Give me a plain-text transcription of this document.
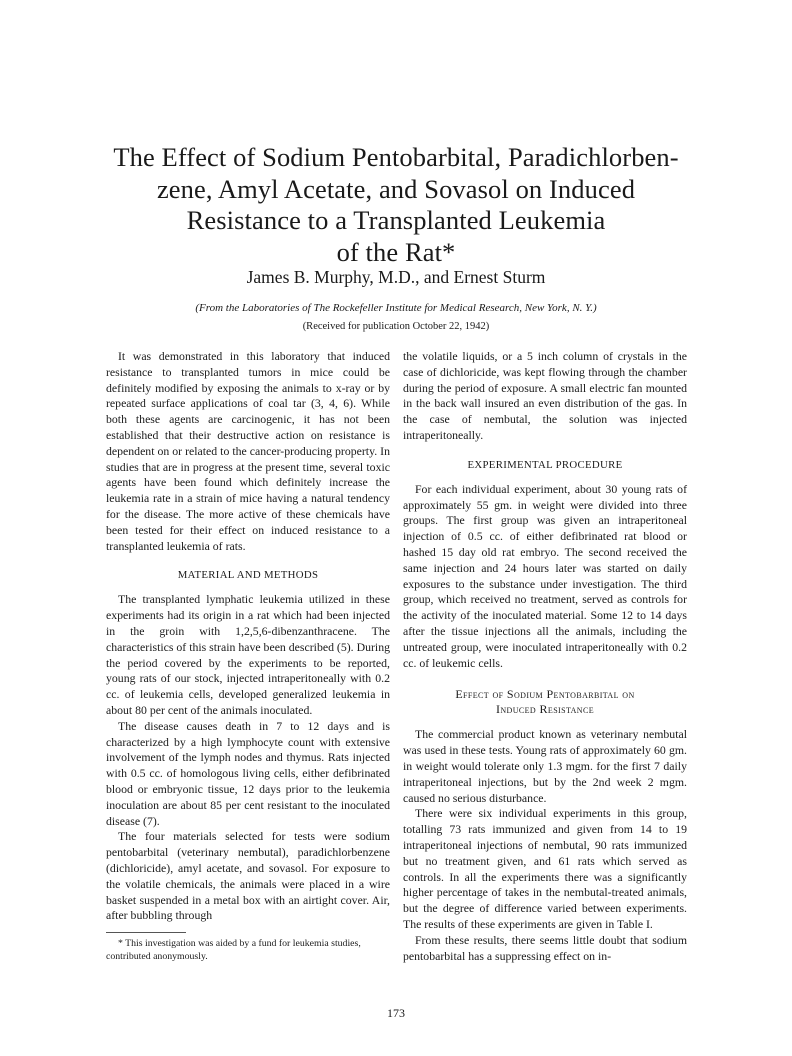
The Effect of Sodium Pentobarbital, Paradichlorben-
zene, Amyl Acetate, and Sovasol on Induced
Resistance to a Transplanted Leukemia
of the Rat*
James B. Murphy, M.D., and Ernest Sturm
(From the Laboratories of The Rockefeller Institute for Medical Research, New York, N. Y.)
(Received for publication October 22, 1942)

It was demonstrated in this laboratory that induced resistance to transplanted tumors in mice could be definitely modified by exposing the animals to x-ray or by repeated surface applications of coal tar (3, 4, 6). While both these agents are carcinogenic, it has not been established that their destructive action on resistance is dependent on or related to the cancer-producing property. In studies that are in progress at the present time, several toxic agents have been found which definitely increase the leukemia rate in a strain of mice having a natural tendency for the disease. The more active of these chemicals have been tested for their effect on induced resistance to a transplanted leukemia of rats.

MATERIAL AND METHODS

The transplanted lymphatic leukemia utilized in these experiments had its origin in a rat which had been injected in the groin with 1,2,5,6-dibenzanthracene. The characteristics of this strain have been described (5). During the period covered by the experiments to be reported, young rats of our stock, injected intraperitoneally with 0.2 cc. of leukemia cells, developed generalized leukemia in about 80 per cent of the animals inoculated.

The disease causes death in 7 to 12 days and is characterized by a high lymphocyte count with extensive involvement of the lymph nodes and thymus. Rats injected with 0.5 cc. of homologous living cells, either defibrinated blood or embryonic tissue, 12 days prior to the leukemia inoculation are about 85 per cent resistant to the inoculated disease (7).

The four materials selected for tests were sodium pentobarbital (veterinary nembutal), paradichlorbenzene (dichloricide), amyl acetate, and sovasol. For exposure to the volatile chemicals, the animals were placed in a wire basket suspended in a metal box with an airtight cover. Air, after bubbling through

* This investigation was aided by a fund for leukemia studies, contributed anonymously.

the volatile liquids, or a 5 inch column of crystals in the case of dichloricide, was kept flowing through the chamber during the period of exposure. A small electric fan mounted in the back wall insured an even distribution of the gas. In the case of nembutal, the solution was injected intraperitoneally.

EXPERIMENTAL PROCEDURE

For each individual experiment, about 30 young rats of approximately 55 gm. in weight were divided into three groups. The first group was given an intraperitoneal injection of 0.5 cc. of either defibrinated rat blood or hashed 15 day old rat embryo. The second received the same injection and 24 hours later was started on daily exposures to the substance under investigation. The third group, which received no treatment, served as controls for the activity of the inoculated material. Some 12 to 14 days after the tissue injections all the animals, including the untreated group, were inoculated intraperitoneally with 0.2 cc. of leukemic cells.

Effect of Sodium Pentobarbital on
Induced Resistance

The commercial product known as veterinary nembutal was used in these tests. Young rats of approximately 60 gm. in weight would tolerate only 1.3 mgm. for the first 7 daily intraperitoneal injections, but by the 2nd week 2 mgm. caused no serious disturbance.

There were six individual experiments in this group, totalling 73 rats immunized and given from 14 to 19 intraperitoneal injections of nembutal, 90 rats immunized but no treatment given, and 61 rats which served as controls. In all the experiments there was a significantly higher percentage of takes in the nembutal-treated animals, but the degree of difference varied between experiments. The results of these experiments are given in Table I.

From these results, there seems little doubt that sodium pentobarbital has a suppressing effect on in-

173
